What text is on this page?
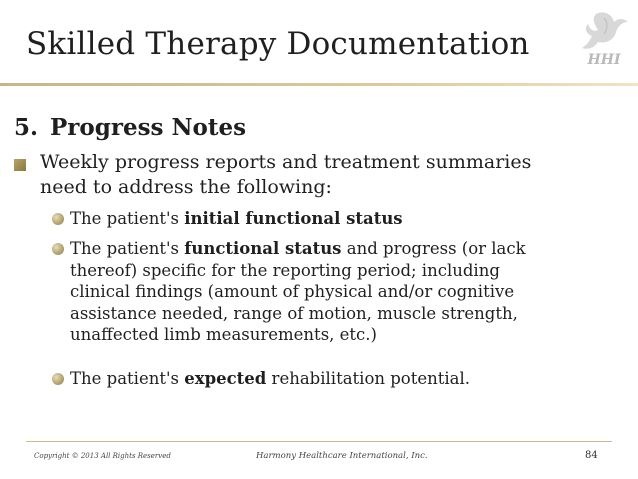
Skilled Therapy Documentation	HHI
5. Progress Notes
Weekly progress reports and treatment summaries need to address the following:
The patient's initial functional status
The patient's functional status and progress (or lack thereof) specific for the reporting period; including clinical findings (amount of physical and/or cognitive assistance needed, range of motion, muscle strength, unaffected limb measurements, etc.)
The patient's expected rehabilitation potential.
Copyright © 2013 All Rights Reserved	Harmony Healthcare International, Inc.	84
